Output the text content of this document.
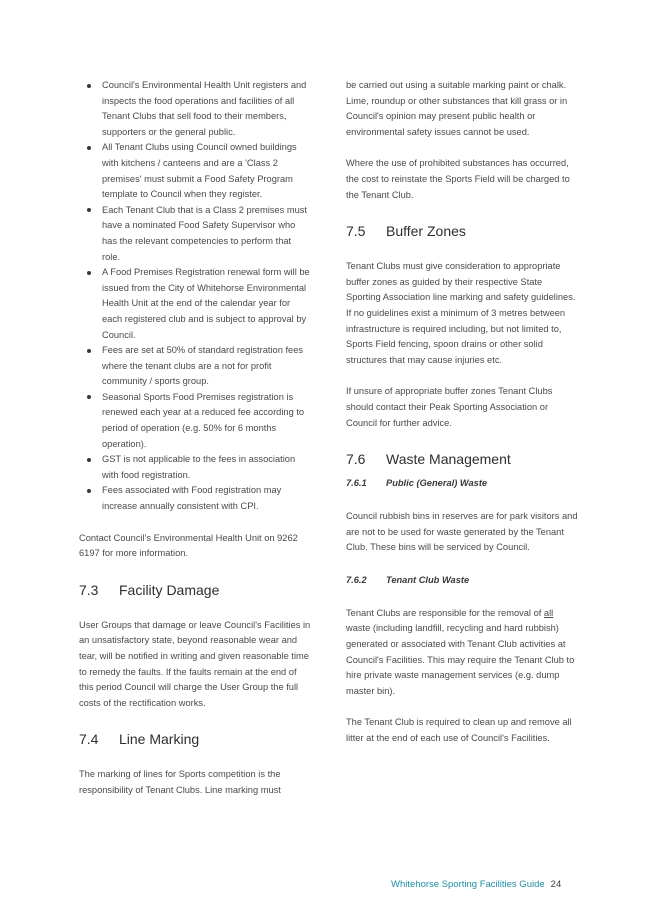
Council's Environmental Health Unit registers and inspects the food operations and facilities of all Tenant Clubs that sell food to their members, supporters or the general public.
All Tenant Clubs using Council owned buildings with kitchens / canteens and are a 'Class 2 premises' must submit a Food Safety Program template to Council when they register.
Each Tenant Club that is a Class 2 premises must have a nominated Food Safety Supervisor who has the relevant competencies to perform that role.
A Food Premises Registration renewal form will be issued from the City of Whitehorse Environmental Health Unit at the end of the calendar year for each registered club and is subject to approval by Council.
Fees are set at 50% of standard registration fees where the tenant clubs are a not for profit community / sports group.
Seasonal Sports Food Premises registration is renewed each year at a reduced fee according to period of operation (e.g. 50% for 6 months operation).
GST is not applicable to the fees in association with food registration.
Fees associated with Food registration may increase annually consistent with CPI.

Contact Council's Environmental Health Unit on 9262 6197 for more information.

7.3	Facility Damage

User Groups that damage or leave Council's Facilities in an unsatisfactory state, beyond reasonable wear and tear, will be notified in writing and given reasonable time to remedy the faults. If the faults remain at the end of this period Council will charge the User Group the full costs of the rectification works.

7.4	Line Marking

The marking of lines for Sports competition is the responsibility of Tenant Clubs. Line marking must

be carried out using a suitable marking paint or chalk. Lime, roundup or other substances that kill grass or in Council's opinion may present public health or environmental safety issues cannot be used.

Where the use of prohibited substances has occurred, the cost to reinstate the Sports Field will be charged to the Tenant Club.

7.5	Buffer Zones

Tenant Clubs must give consideration to appropriate buffer zones as guided by their respective State Sporting Association line marking and safety guidelines. If no guidelines exist a minimum of 3 metres between infrastructure is required including, but not limited to, Sports Field fencing, spoon drains or other solid structures that may cause injuries etc.

If unsure of appropriate buffer zones Tenant Clubs should contact their Peak Sporting Association or Council for further advice.

7.6	Waste Management
7.6.1	Public (General) Waste

Council rubbish bins in reserves are for park visitors and are not to be used for waste generated by the Tenant Club. These bins will be serviced by Council.

7.6.2	Tenant Club Waste

Tenant Clubs are responsible for the removal of all waste (including landfill, recycling and hard rubbish) generated or associated with Tenant Club activities at Council's Facilities. This may require the Tenant Club to hire private waste management services (e.g. dump master bin).

The Tenant Club is required to clean up and remove all litter at the end of each use of Council's Facilities.

Whitehorse Sporting Facilities Guide 24
